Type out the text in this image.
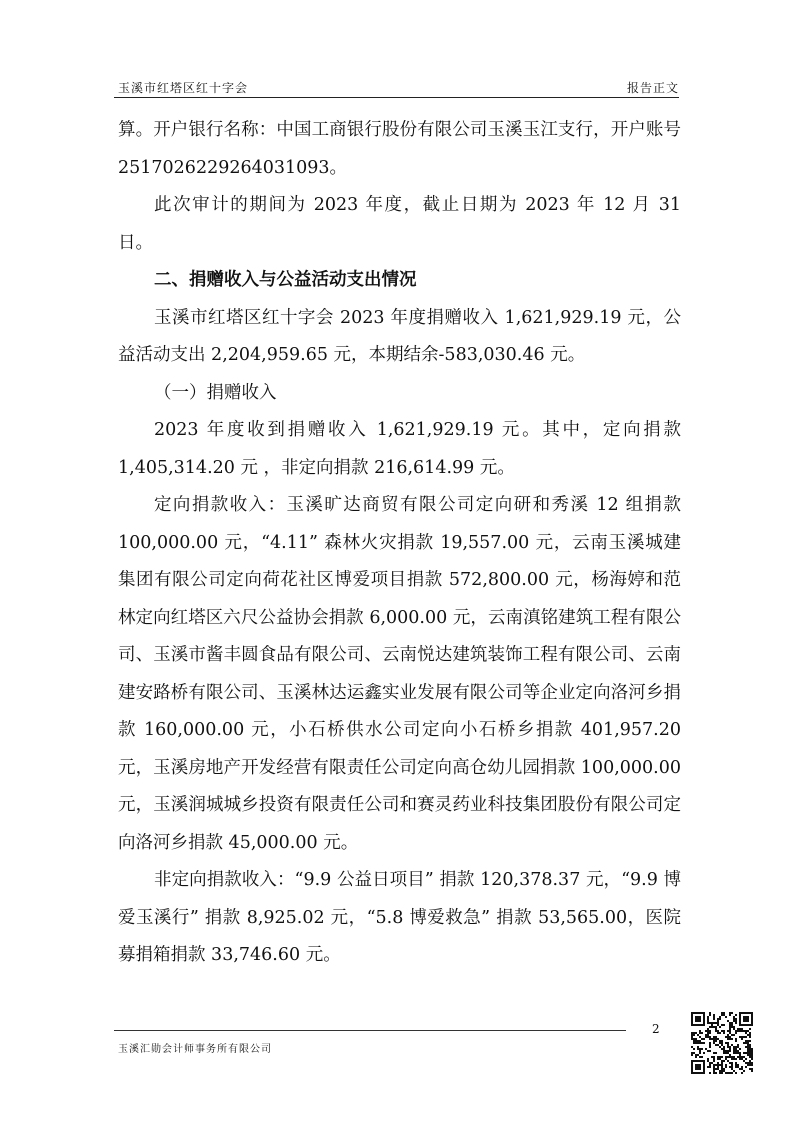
玉溪市红塔区红十字会	报告正文

算。开户银行名称：中国工商银行股份有限公司玉溪玉江支行，开户账号 2517026229264031093。

此次审计的期间为 2023 年度，截止日期为 2023 年 12 月 31 日。

二、捐赠收入与公益活动支出情况

玉溪市红塔区红十字会 2023 年度捐赠收入 1,621,929.19 元，公益活动支出 2,204,959.65 元，本期结余-583,030.46 元。

（一）捐赠收入

2023 年度收到捐赠收入 1,621,929.19 元。其中，定向捐款 1,405,314.20 元 ，非定向捐款 216,614.99 元。

定向捐款收入：玉溪旷达商贸有限公司定向研和秀溪 12 组捐款 100,000.00 元，“4.11” 森林火灾捐款 19,557.00 元，云南玉溪城建集团有限公司定向荷花社区博爱项目捐款 572,800.00 元，杨海婷和范林定向红塔区六尺公益协会捐款 6,000.00 元，云南滇铭建筑工程有限公司、玉溪市酱丰圆食品有限公司、云南悦达建筑装饰工程有限公司、云南建安路桥有限公司、玉溪林达运鑫实业发展有限公司等企业定向洛河乡捐款 160,000.00 元，小石桥供水公司定向小石桥乡捐款 401,957.20 元，玉溪房地产开发经营有限责任公司定向高仓幼儿园捐款 100,000.00 元，玉溪润城城乡投资有限责任公司和赛灵药业科技集团股份有限公司定向洛河乡捐款 45,000.00 元。

非定向捐款收入：“9.9 公益日项目” 捐款 120,378.37 元，“9.9 博爱玉溪行” 捐款 8,925.02 元，“5.8 博爱救急” 捐款 53,565.00，医院募捐箱捐款 33,746.60 元。

2
玉溪汇勋会计师事务所有限公司
